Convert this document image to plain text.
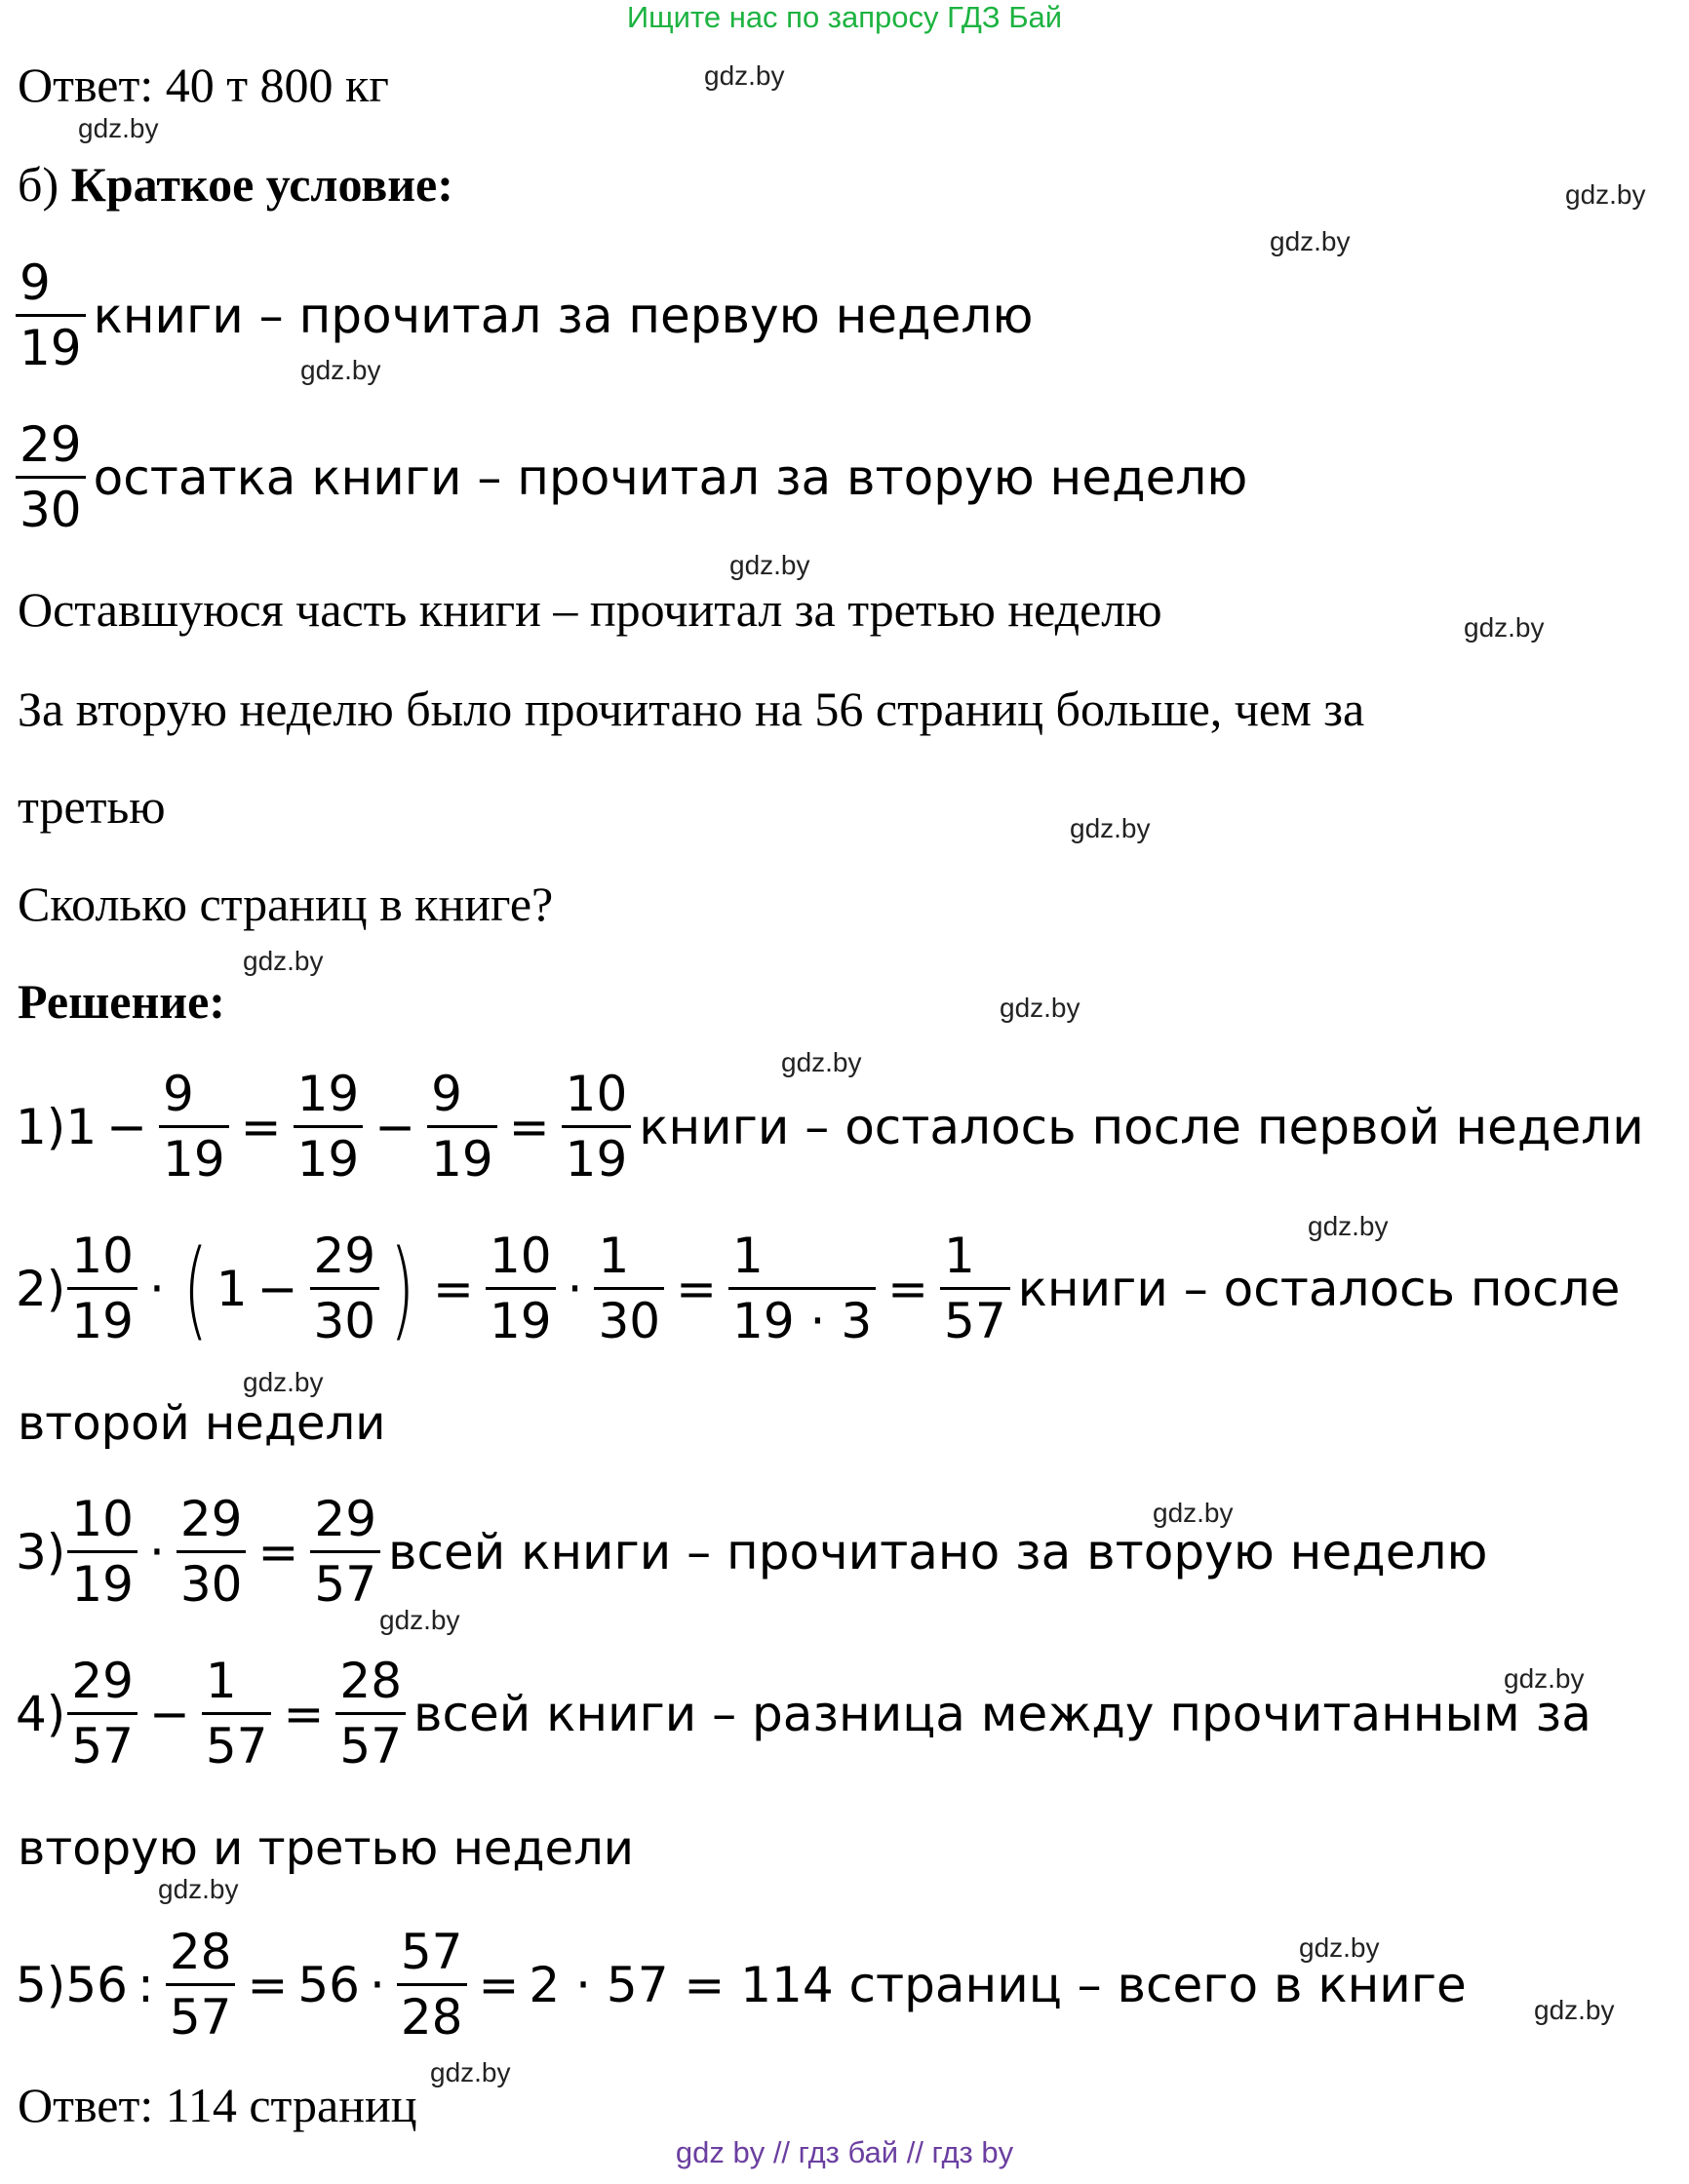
Ищите нас по запросу ГДЗ Бай
gdz by // гдз бай // гдз by
gdz.by
gdz.by
gdz.by
gdz.by
gdz.by
gdz.by
gdz.by
gdz.by
gdz.by
gdz.by
gdz.by
gdz.by
gdz.by
gdz.by
gdz.by
gdz.by
gdz.by
gdz.by
gdz.by
gdz.by
Ответ: 40 т 800 кг
б) Краткое условие:
$\frac{9}{19}$ книги – прочитал за первую неделю
$\frac{29}{30}$ остатка книги – прочитал за вторую неделю
Оставшуюся часть книги – прочитал за третью неделю
За вторую неделю было прочитано на 56 страниц больше, чем за
третью
Сколько страниц в книге?
Решение:
1) $1 - \frac{9}{19} = \frac{19}{19} - \frac{9}{19} = \frac{10}{19}$ книги – осталось после первой недели
$2) \frac{10}{19}$ · ( $1 - \frac{29}{30}$ ) = $\frac{10}{19} \cdot \frac{1}{30} = \frac{1}{19 \cdot 3} = \frac{1}{57}$ книги – осталось после
второй недели
$3) \frac{10}{19} \cdot \frac{29}{30} = \frac{29}{57}$ всей книги – прочитано за вторую неделю
$4) \frac{29}{57} - \frac{1}{57} = \frac{28}{57}$ всей книги – разница между прочитанным за
вторую и третью недели
5) 56 : $\frac{28}{57} = 56 \cdot \frac{57}{28} = 2 \cdot 57 = 114$ страниц – всего в книге
Ответ: 114 страниц
